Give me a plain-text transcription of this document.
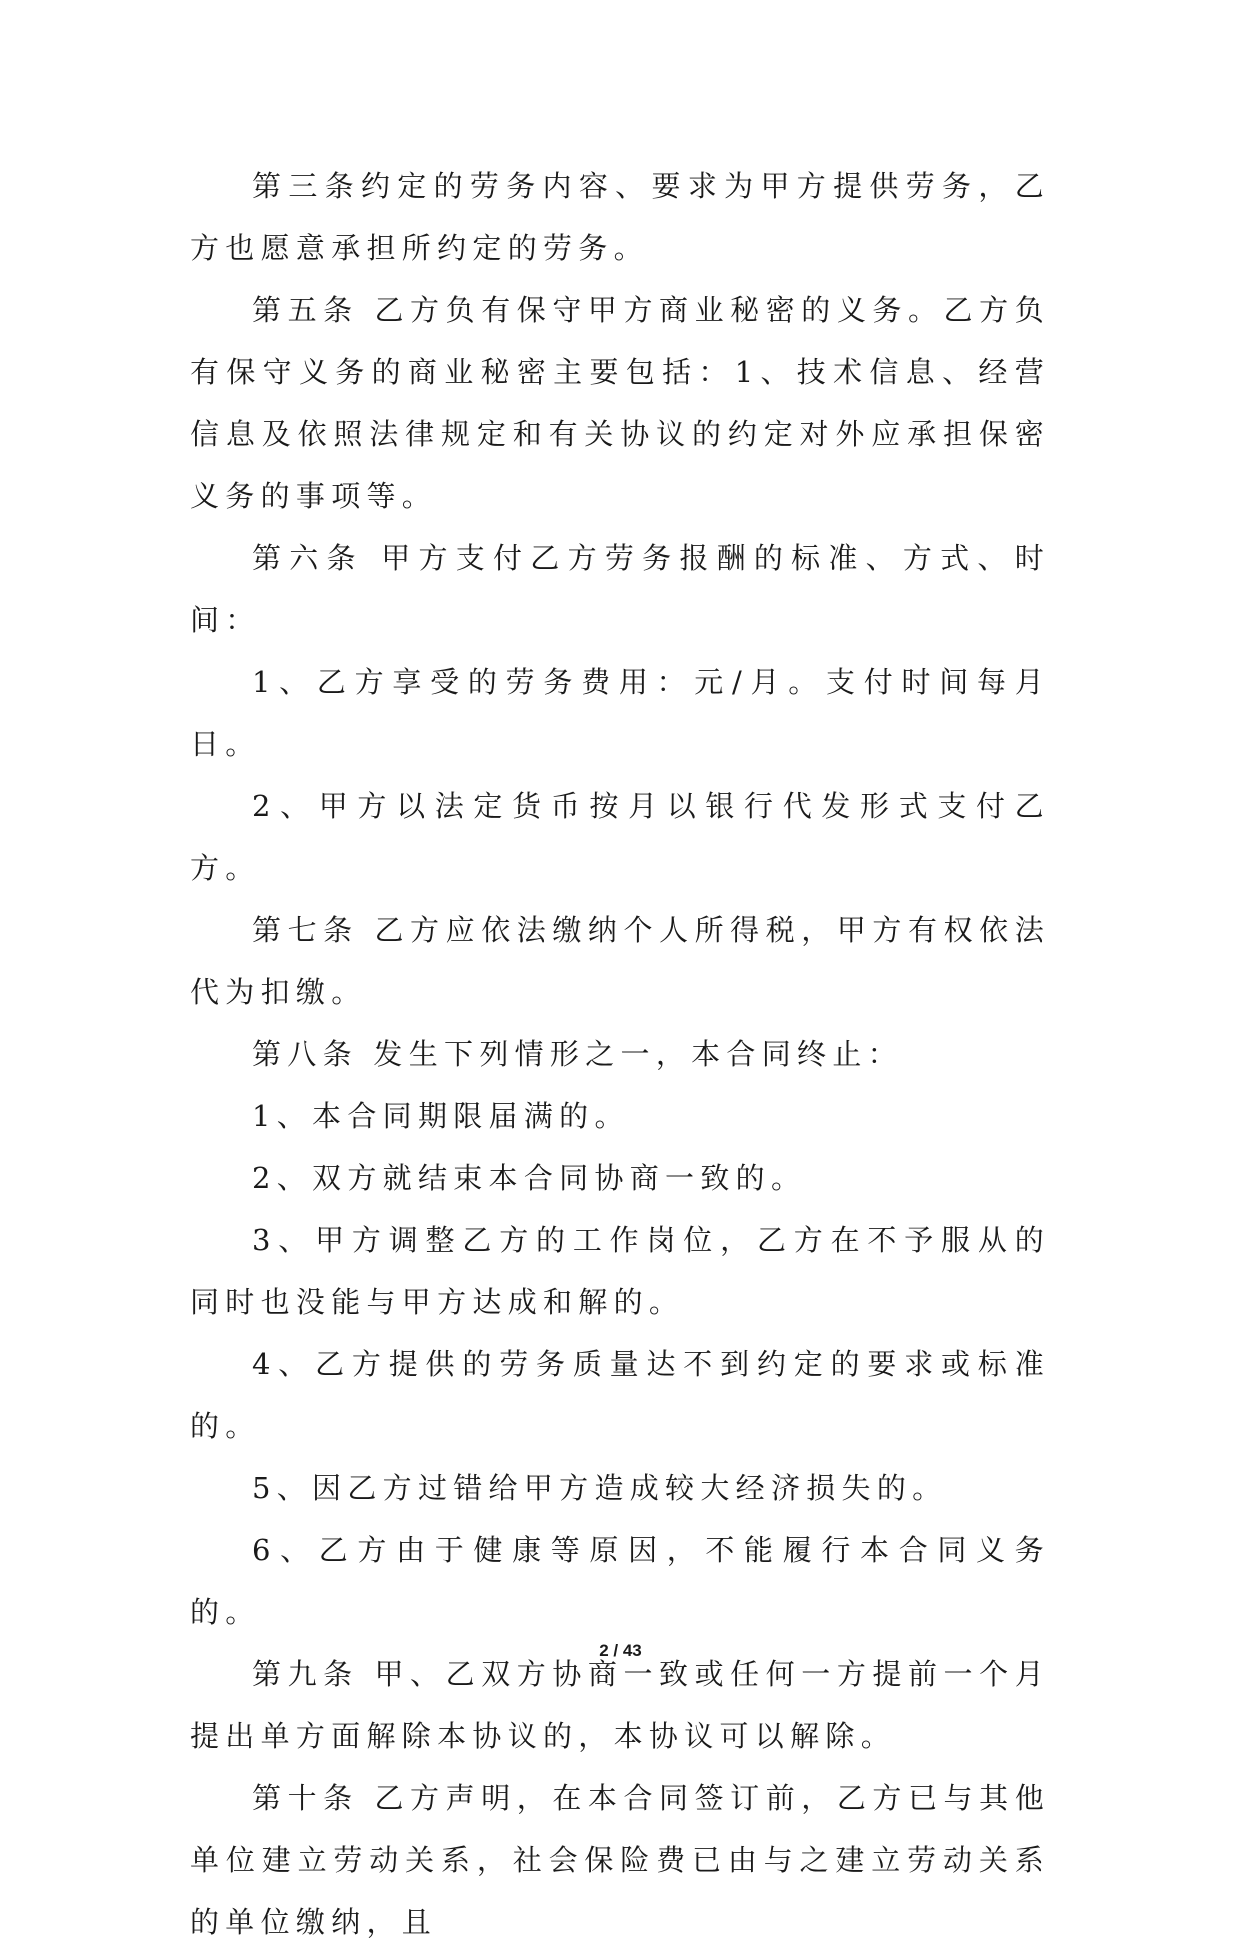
第三条约定的劳务内容、要求为甲方提供劳务，乙方也愿意承担所约定的劳务。

第五条 乙方负有保守甲方商业秘密的义务。乙方负有保守义务的商业秘密主要包括：1、技术信息、经营信息及依照法律规定和有关协议的约定对外应承担保密义务的事项等。

第六条 甲方支付乙方劳务报酬的标准、方式、时间：

1、乙方享受的劳务费用：元/月。支付时间每月日。

2、甲方以法定货币按月以银行代发形式支付乙方。

第七条 乙方应依法缴纳个人所得税，甲方有权依法代为扣缴。

第八条 发生下列情形之一，本合同终止：

1、本合同期限届满的。

2、双方就结束本合同协商一致的。

3、甲方调整乙方的工作岗位，乙方在不予服从的同时也没能与甲方达成和解的。

4、乙方提供的劳务质量达不到约定的要求或标准的。

5、因乙方过错给甲方造成较大经济损失的。

6、乙方由于健康等原因，不能履行本合同义务的。

第九条 甲、乙双方协商一致或任何一方提前一个月提出单方面解除本协议的，本协议可以解除。

第十条 乙方声明，在本合同签订前，乙方已与其他单位建立劳动关系，社会保险费已由与之建立劳动关系的单位缴纳，且

2 / 43
